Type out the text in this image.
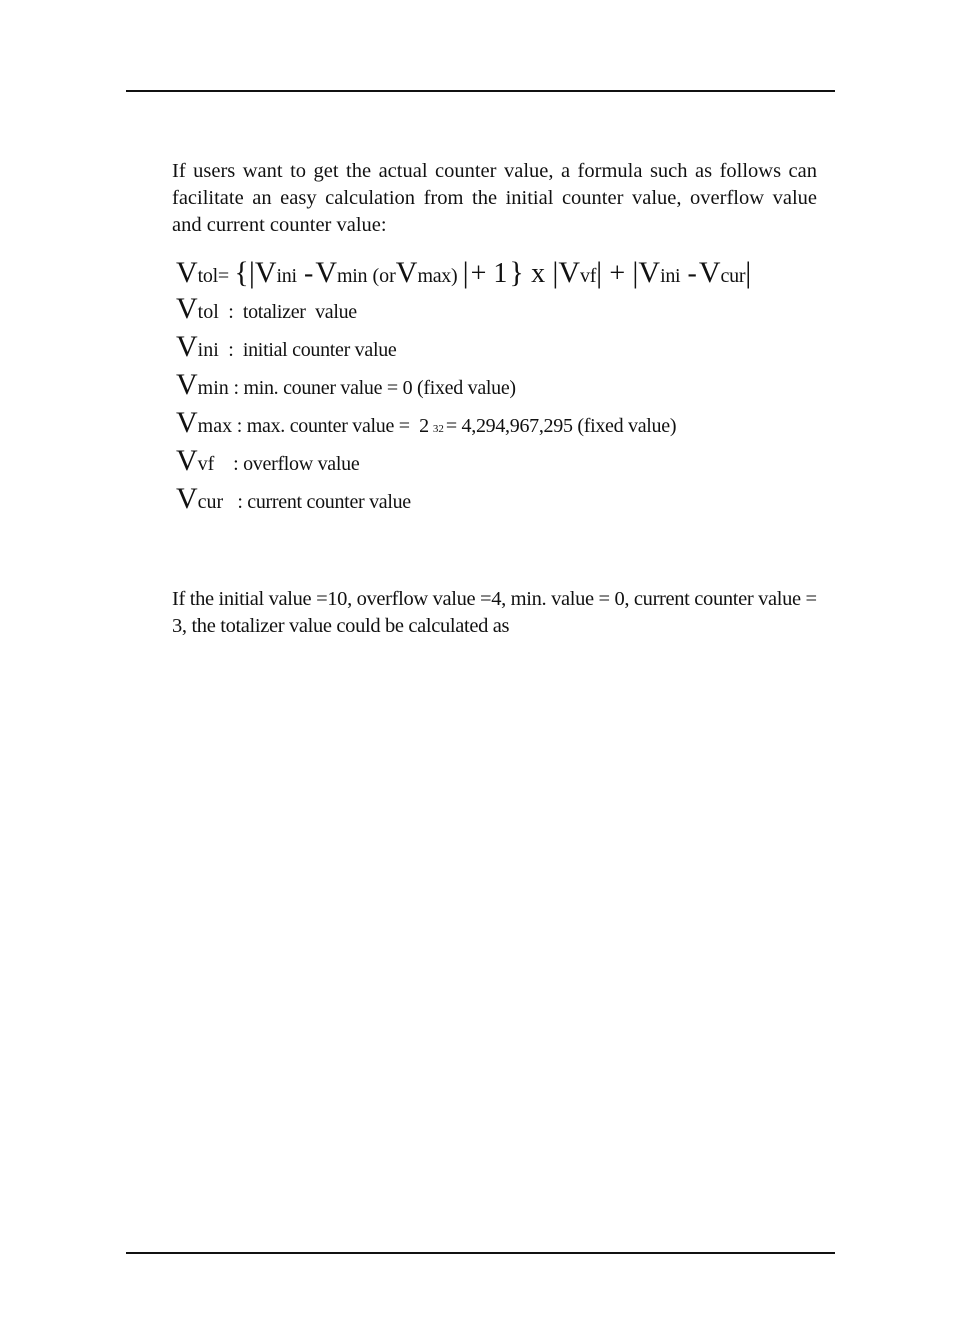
If users want to get the actual counter value, a formula such as follows can facilitate an easy calculation from the initial counter value, overflow value and current counter value:

Vtol= {|Vini -Vmin (orVmax) |+ 1} x |Vvf| + |Vini -Vcur|
V tol :  totalizer  value
V ini :  initial counter value
V min : min. couner value = 0 (fixed value)
V max : max. counter value =  2 32 = 4,294,967,295 (fixed value)
V vf : overflow value
V cur : current counter value

If the initial value =10, overflow value =4, min. value = 0, current counter value = 3, the totalizer value could be calculated as
